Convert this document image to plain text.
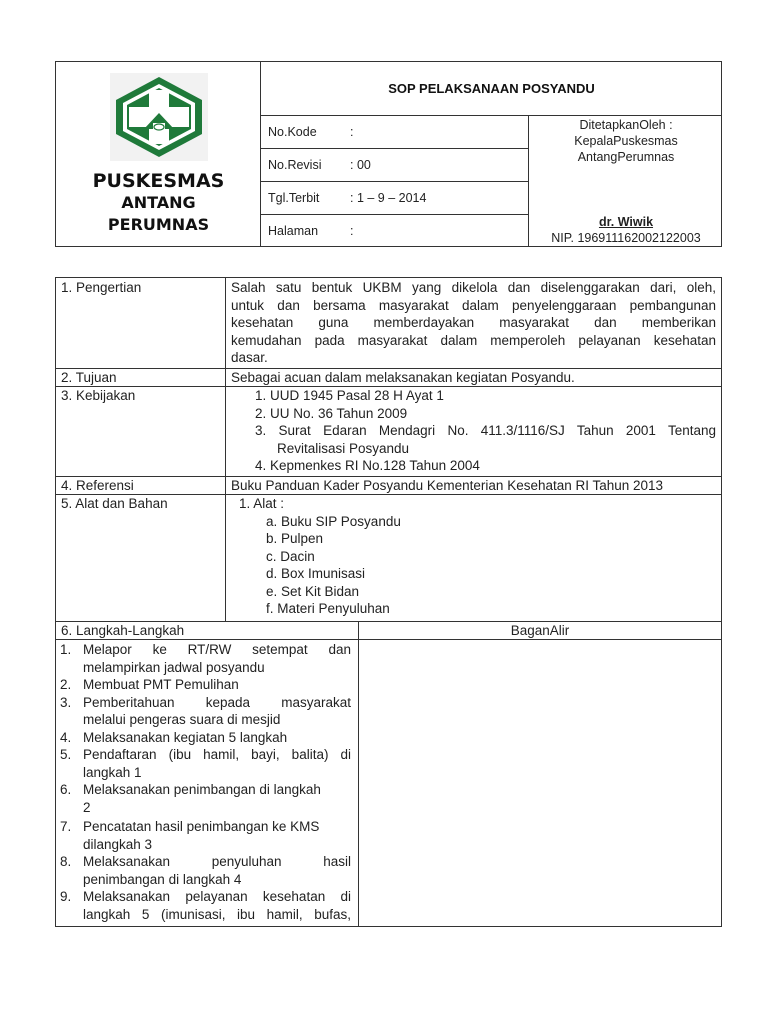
PUSKESMAS
ANTANG
PERUMNAS
SOP PELAKSANAAN POSYANDU
No.Kode	:
No.Revisi : 00
Tgl.Terbit : 1 – 9 – 2014
Halaman	:
DitetapkanOleh :
KepalaPuskesmas
AntangPerumnas
dr. Wiwik
NIP. 196911162002122003
1. Pengertian	Salah satu bentuk UKBM yang dikelola dan diselenggarakan dari, oleh,
untuk dan bersama masyarakat dalam penyelenggaraan pembangunan
kesehatan guna memberdayakan masyarakat dan memberikan
kemudahan pada masyarakat dalam memperoleh pelayanan kesehatan
dasar.
2. Tujuan	Sebagai acuan dalam melaksanakan kegiatan Posyandu.
3. Kebijakan	1. UUD 1945 Pasal 28 H Ayat 1
2. UU No. 36 Tahun 2009
3. Surat Edaran Mendagri No. 411.3/1116/SJ Tahun 2001 Tentang
Revitalisasi Posyandu
4. Kepmenkes RI No.128 Tahun 2004
4. Referensi	Buku Panduan Kader Posyandu Kementerian Kesehatan RI Tahun 2013
5. Alat dan Bahan	1. Alat :
a. Buku SIP Posyandu
b. Pulpen
c. Dacin
d. Box Imunisasi
e. Set Kit Bidan
f. Materi Penyuluhan
6. Langkah-Langkah	BaganAlir
1. Melapor ke RT/RW setempat dan
melampirkan jadwal posyandu
2. Membuat PMT Pemulihan
3. Pemberitahuan kepada masyarakat
melalui pengeras suara di mesjid
4. Melaksanakan kegiatan 5 langkah
5. Pendaftaran (ibu hamil, bayi, balita) di
langkah 1
6. Melaksanakan penimbangan di langkah
2
7. Pencatatan hasil penimbangan ke KMS
dilangkah 3
8. Melaksanakan penyuluhan hasil
penimbangan di langkah 4
9. Melaksanakan pelayanan kesehatan di
langkah 5 (imunisasi, ibu hamil, bufas,
